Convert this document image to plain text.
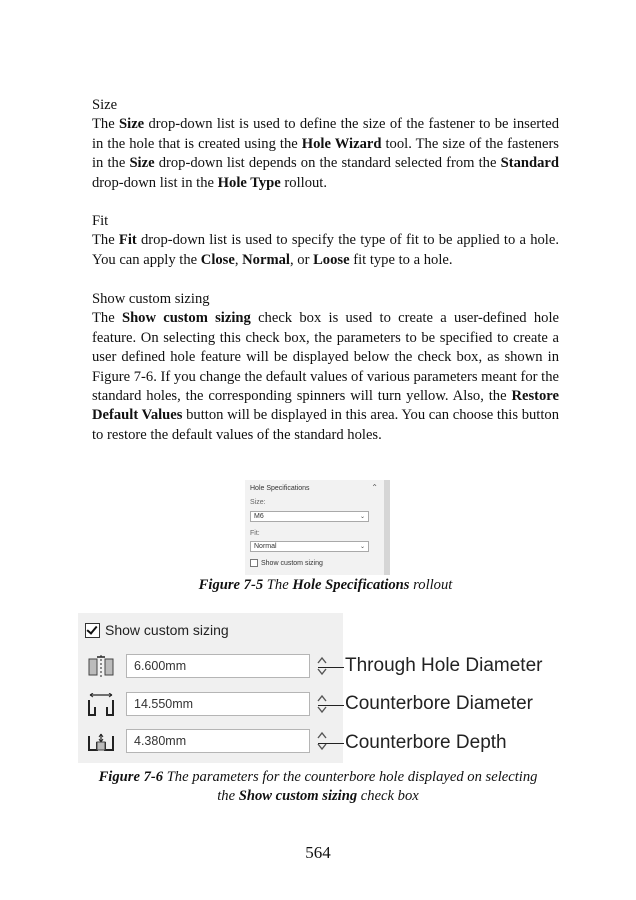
Size

The Size drop-down list is used to define the size of the fastener to be inserted in the hole that is created using the Hole Wizard tool. The size of the fasteners in the Size drop-down list depends on the standard selected from the Standard drop-down list in the Hole Type rollout.

Fit

The Fit drop-down list is used to specify the type of fit to be applied to a hole. You can apply the Close, Normal, or Loose fit type to a hole.

Show custom sizing

The Show custom sizing check box is used to create a user-defined hole feature. On selecting this check box, the parameters to be specified to create a user defined hole feature will be displayed below the check box, as shown in Figure 7-6. If you change the default values of various parameters meant for the standard holes, the corresponding spinners will turn yellow. Also, the Restore Default Values button will be displayed in this area. You can choose this button to restore the default values of the standard holes.

Hole Specifications	⌃
Size:
M6	⌄
Fit:
Normal	⌄
Show custom sizing
Figure 7-5 The Hole Specifications rollout
Show custom sizing
6.600mm
14.550mm
4.380mm
Through Hole Diameter
Counterbore Diameter
Counterbore Depth
Figure 7-6 The parameters for the counterbore hole displayed on selecting
the Show custom sizing check box
564
